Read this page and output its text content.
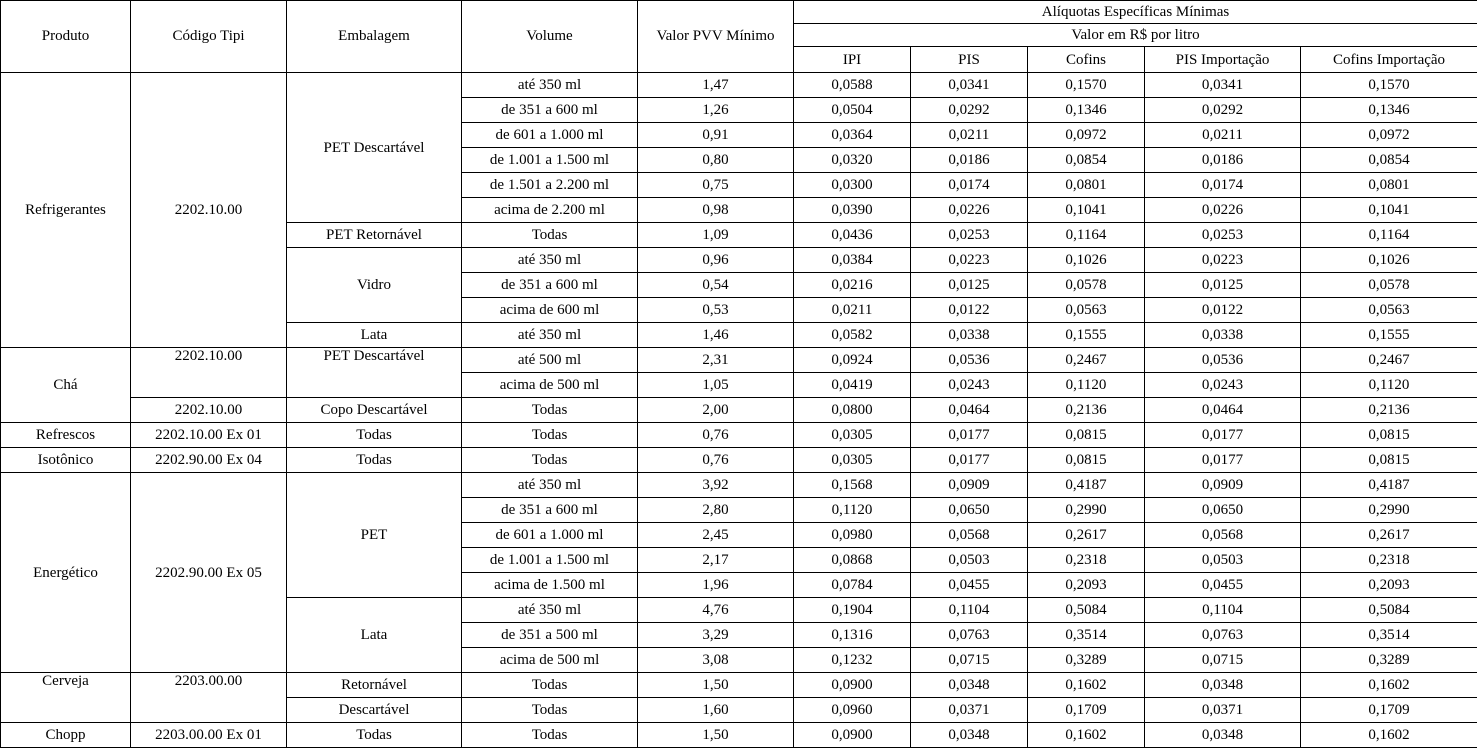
Produto	Código Tipi	Embalagem	Volume	Valor PVV Mínimo	Alíquotas Específicas Mínimas				
					Valor em R$ por litro				
					IPI	PIS	Cofins	PIS Importação	Cofins Importação
Refrigerantes	2202.10.00	PET Descartável	até 350 ml	1,47	0,0588	0,0341	0,1570	0,0341	0,1570
			de 351 a 600 ml	1,26	0,0504	0,0292	0,1346	0,0292	0,1346
			de 601 a 1.000 ml	0,91	0,0364	0,0211	0,0972	0,0211	0,0972
			de 1.001 a 1.500 ml	0,80	0,0320	0,0186	0,0854	0,0186	0,0854
			de 1.501 a 2.200 ml	0,75	0,0300	0,0174	0,0801	0,0174	0,0801
			acima de 2.200 ml	0,98	0,0390	0,0226	0,1041	0,0226	0,1041
		PET Retornável	Todas	1,09	0,0436	0,0253	0,1164	0,0253	0,1164
		Vidro	até 350 ml	0,96	0,0384	0,0223	0,1026	0,0223	0,1026
			de 351 a 600 ml	0,54	0,0216	0,0125	0,0578	0,0125	0,0578
			acima de 600 ml	0,53	0,0211	0,0122	0,0563	0,0122	0,0563
		Lata	até 350 ml	1,46	0,0582	0,0338	0,1555	0,0338	0,1555
Chá	2202.10.00	PET Descartável	até 500 ml	2,31	0,0924	0,0536	0,2467	0,0536	0,2467
			acima de 500 ml	1,05	0,0419	0,0243	0,1120	0,0243	0,1120
	2202.10.00	Copo Descartável	Todas	2,00	0,0800	0,0464	0,2136	0,0464	0,2136
Refrescos	2202.10.00 Ex 01	Todas	Todas	0,76	0,0305	0,0177	0,0815	0,0177	0,0815
Isotônico	2202.90.00 Ex 04	Todas	Todas	0,76	0,0305	0,0177	0,0815	0,0177	0,0815
Energético	2202.90.00 Ex 05	PET	até 350 ml	3,92	0,1568	0,0909	0,4187	0,0909	0,4187
			de 351 a 600 ml	2,80	0,1120	0,0650	0,2990	0,0650	0,2990
			de 601 a 1.000 ml	2,45	0,0980	0,0568	0,2617	0,0568	0,2617
			de 1.001 a 1.500 ml	2,17	0,0868	0,0503	0,2318	0,0503	0,2318
			acima de 1.500 ml	1,96	0,0784	0,0455	0,2093	0,0455	0,2093
		Lata	até 350 ml	4,76	0,1904	0,1104	0,5084	0,1104	0,5084
			de 351 a 500 ml	3,29	0,1316	0,0763	0,3514	0,0763	0,3514
			acima de 500 ml	3,08	0,1232	0,0715	0,3289	0,0715	0,3289
Cerveja	2203.00.00	Retornável	Todas	1,50	0,0900	0,0348	0,1602	0,0348	0,1602
		Descartável	Todas	1,60	0,0960	0,0371	0,1709	0,0371	0,1709
Chopp	2203.00.00 Ex 01	Todas	Todas	1,50	0,0900	0,0348	0,1602	0,0348	0,1602
